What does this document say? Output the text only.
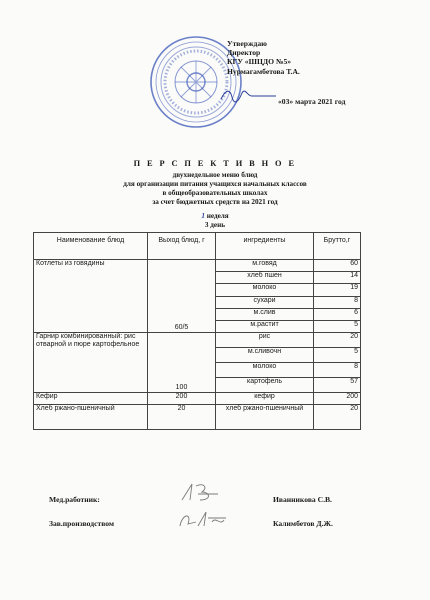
Утверждаю
Директор
КГУ «ШЦДО №5»
Нурмагамбетова Т.А.
«03» марта 2021 год
П Е Р С П Е К Т И В Н О Е
двухнедельное меню блюд
для организации питания учащихся начальных классов
в общеобразовательных школах
за счет бюджетных средств на 2021 год
1 неделя
3 день
Наименование блюд	Выход блюд, г	ингредиенты	Брутто,г
Котлеты из говядины	60/5	м.говяд	60
		хлеб пшен	14
		молоко	19
		сухари	8
		м.слив	6
		м.растит	5
Гарнир комбинированный: рис отварной и пюре картофельное	100	рис	20
		м.сливочн	5
		молоко	8
		картофель	57
Кефир	200	кефир	200
Хлеб ржано-пшеничный	20	хлеб ржано-пшеничный	20
Мед.работник:	Иванникова С.В.
Зав.производством	Калимбетов Д.Ж.
